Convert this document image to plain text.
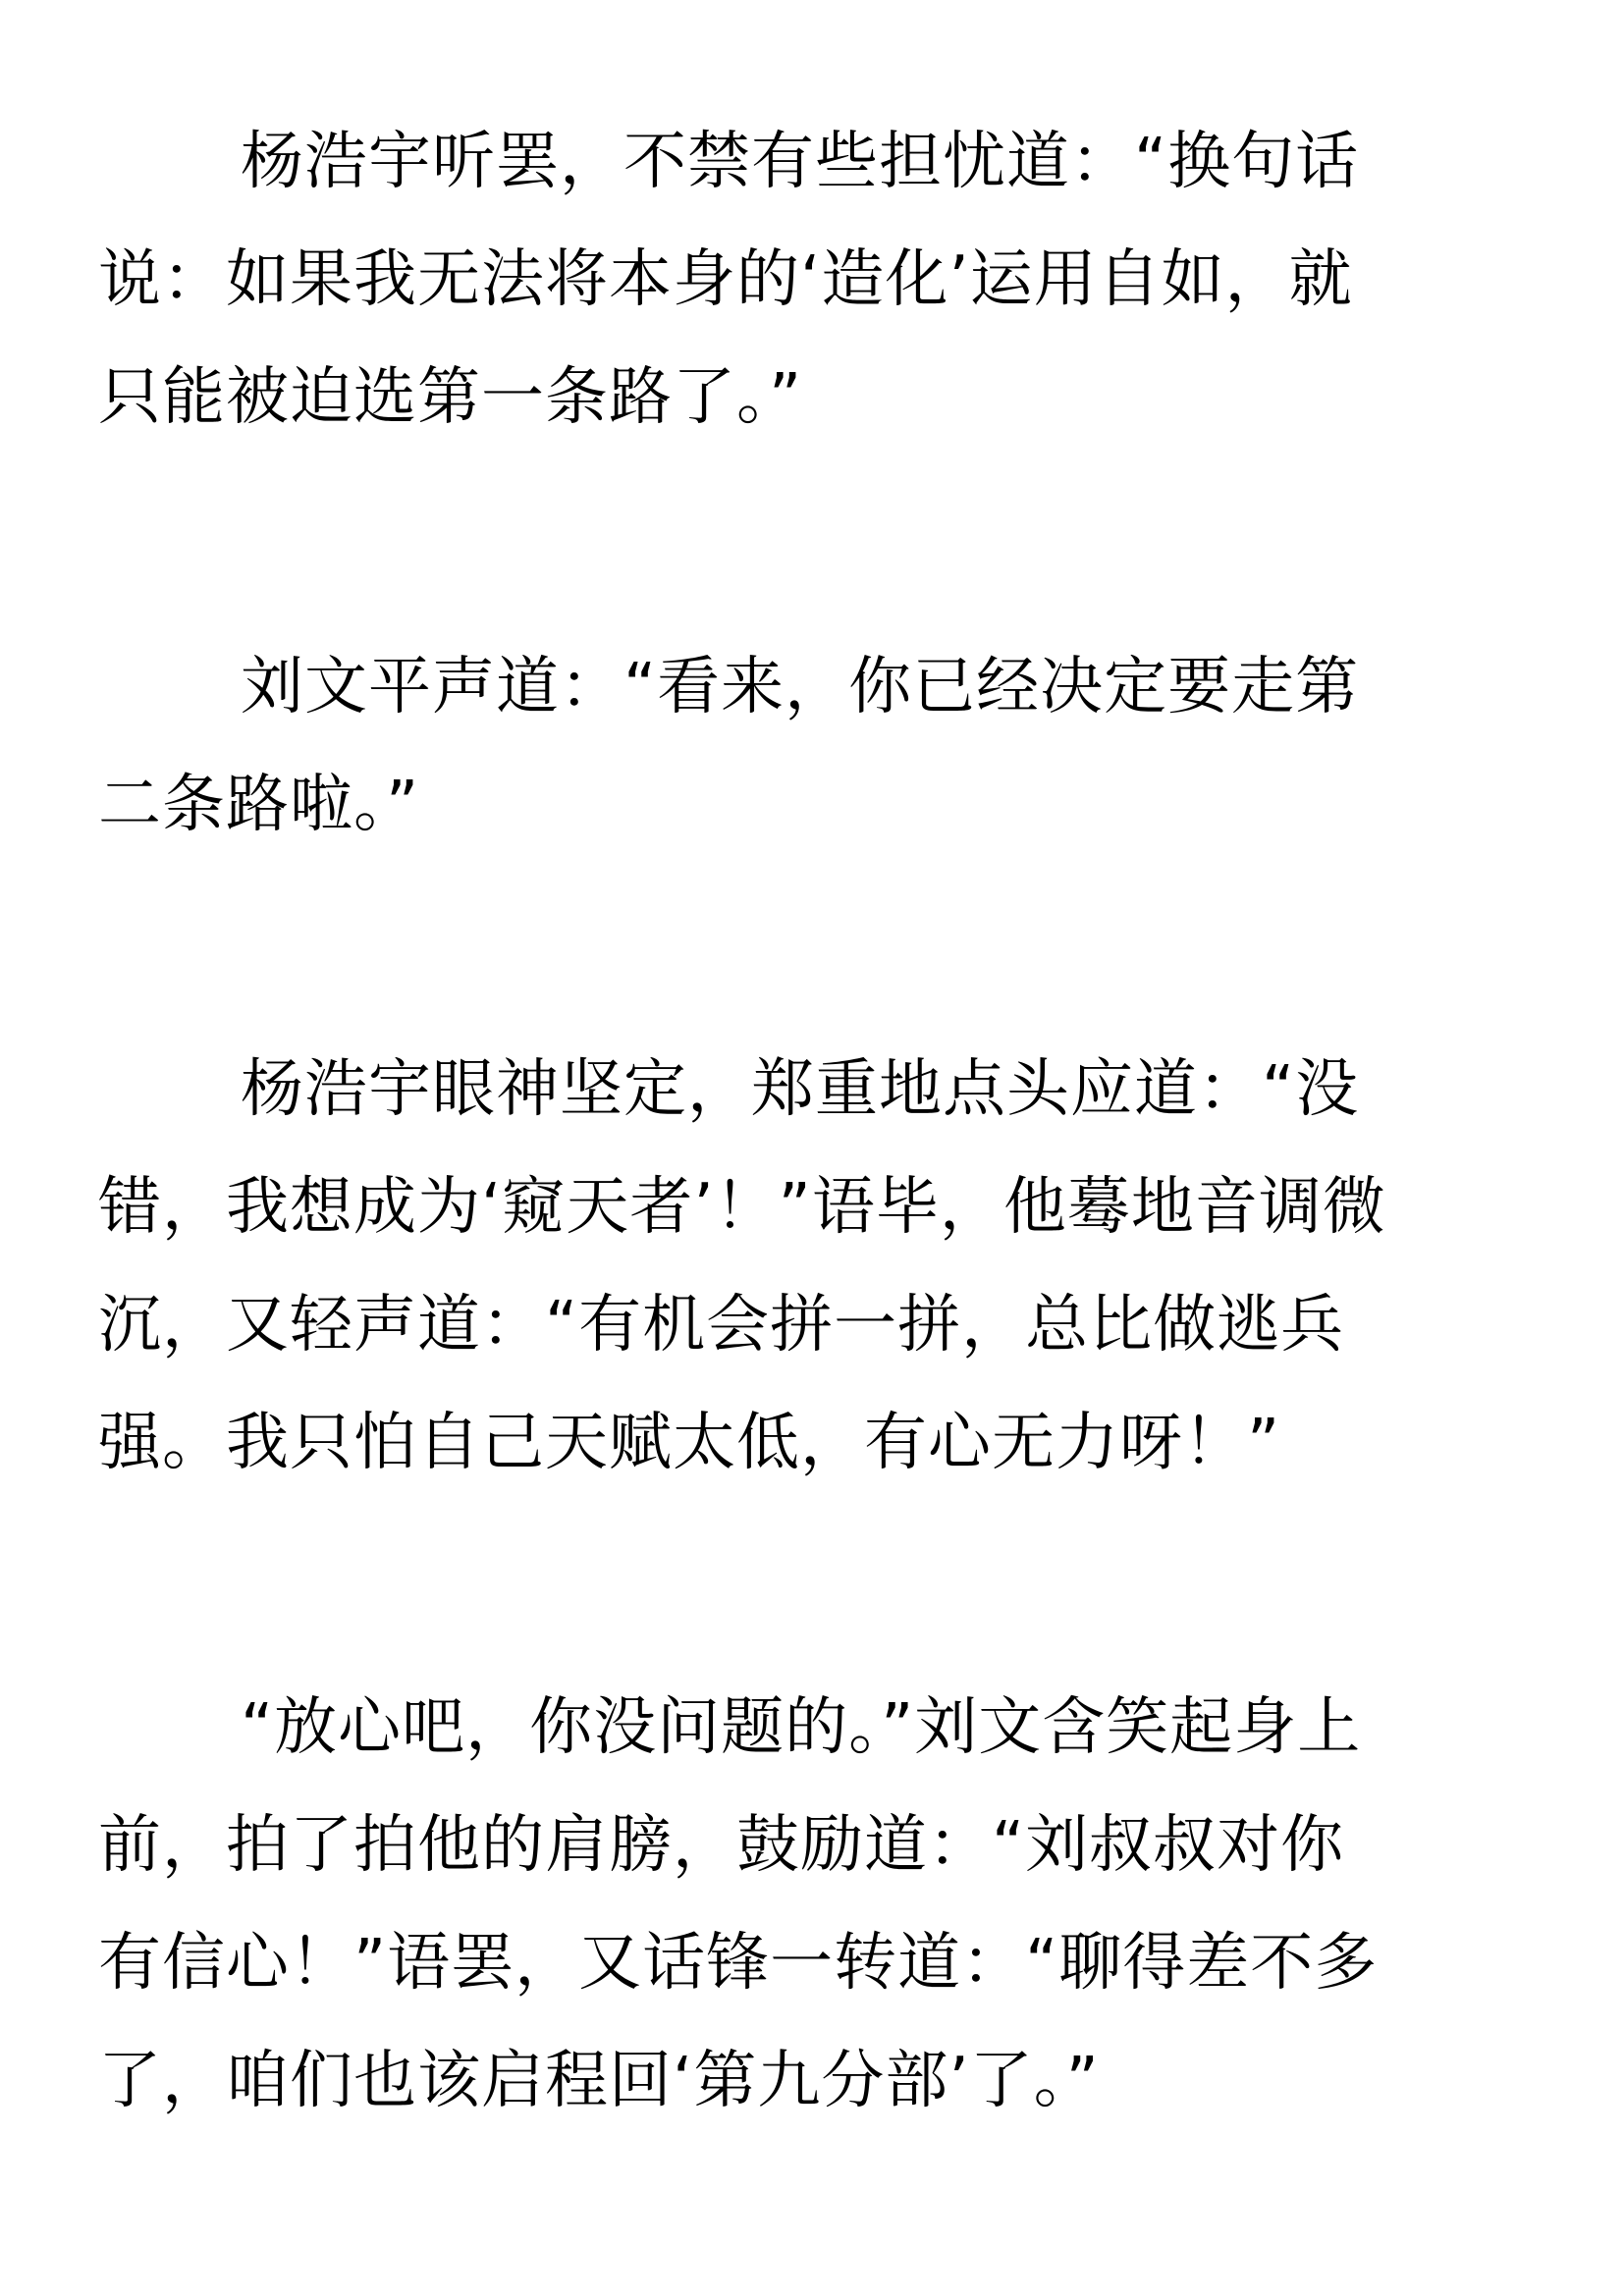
杨浩宇听罢，不禁有些担忧道：“换句话
说：如果我无法将本身的‘造化’运用自如，就
只能被迫选第一条路了。”
刘文平声道：“看来，你已经决定要走第
二条路啦。”
杨浩宇眼神坚定，郑重地点头应道：“没
错，我想成为‘窥天者’！”语毕，他蓦地音调微
沉，又轻声道：“有机会拼一拼，总比做逃兵
强。我只怕自己天赋太低，有心无力呀！”
“放心吧，你没问题的。”刘文含笑起身上
前，拍了拍他的肩膀，鼓励道：“刘叔叔对你
有信心！”语罢，又话锋一转道：“聊得差不多
了，咱们也该启程回‘第九分部’了。”
